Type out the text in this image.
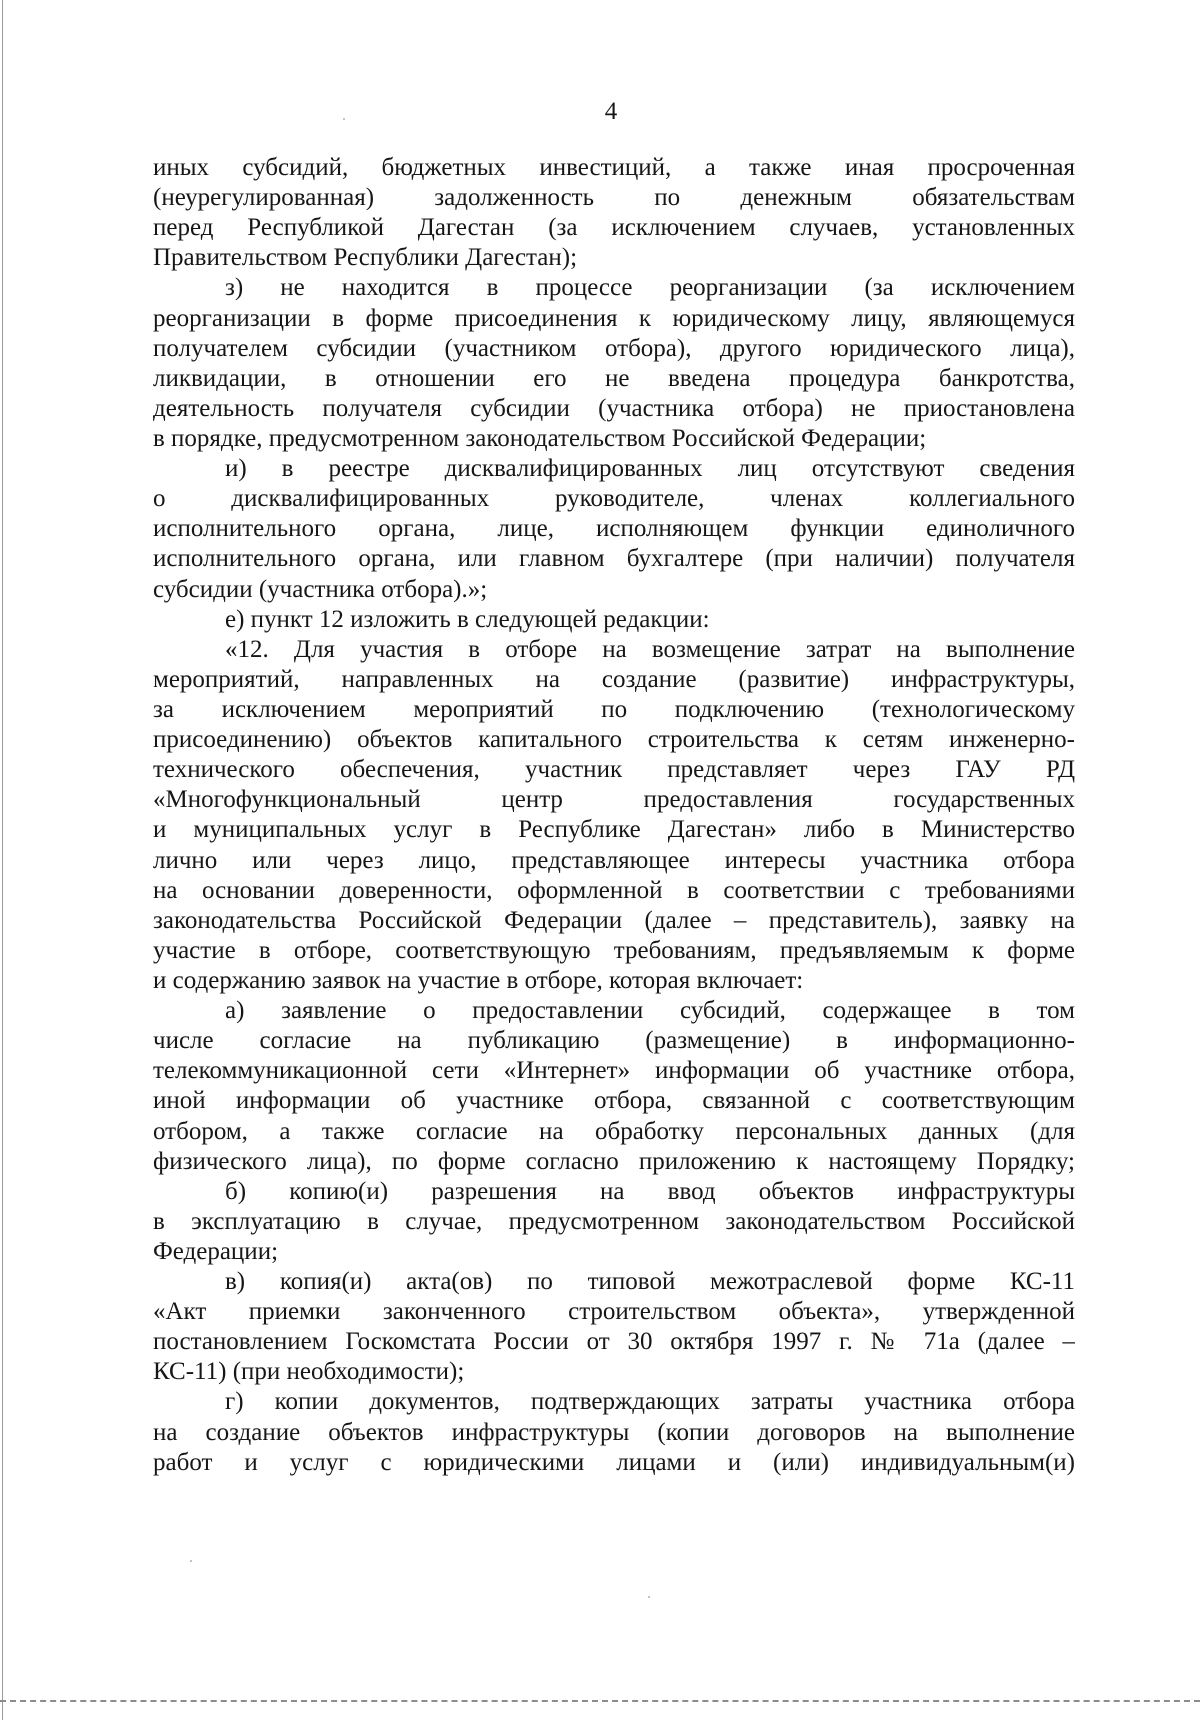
4
иных субсидий, бюджетных инвестиций, а также иная просроченная
(неурегулированная) задолженность по денежным обязательствам
перед Республикой Дагестан (за исключением случаев, установленных
Правительством Республики Дагестан);
з) не находится в процессе реорганизации (за исключением
реорганизации в форме присоединения к юридическому лицу, являющемуся
получателем субсидии (участником отбора), другого юридического лица),
ликвидации, в отношении его не введена процедура банкротства,
деятельность получателя субсидии (участника отбора) не приостановлена
в порядке, предусмотренном законодательством Российской Федерации;
и) в реестре дисквалифицированных лиц отсутствуют сведения
о дисквалифицированных руководителе, членах коллегиального
исполнительного органа, лице, исполняющем функции единоличного
исполнительного органа, или главном бухгалтере (при наличии) получателя
субсидии (участника отбора).»;
е) пункт 12 изложить в следующей редакции:
«12. Для участия в отборе на возмещение затрат на выполнение
мероприятий, направленных на создание (развитие) инфраструктуры,
за исключением мероприятий по подключению (технологическому
присоединению) объектов капитального строительства к сетям инженерно-
технического обеспечения, участник представляет через ГАУ РД
«Многофункциональный центр предоставления государственных
и муниципальных услуг в Республике Дагестан» либо в Министерство
лично или через лицо, представляющее интересы участника отбора
на основании доверенности, оформленной в соответствии с требованиями
законодательства Российской Федерации (далее – представитель), заявку на
участие в отборе, соответствующую требованиям, предъявляемым к форме
и содержанию заявок на участие в отборе, которая включает:
а) заявление о предоставлении субсидий, содержащее в том
числе согласие на публикацию (размещение) в информационно-
телекоммуникационной сети «Интернет» информации об участнике отбора,
иной информации об участнике отбора, связанной с соответствующим
отбором, а также согласие на обработку персональных данных (для
физического лица), по форме согласно приложению к настоящему Порядку;
б) копию(и) разрешения на ввод объектов инфраструктуры
в эксплуатацию в случае, предусмотренном законодательством Российской
Федерации;
в) копия(и) акта(ов) по типовой межотраслевой форме КС-11
«Акт приемки законченного строительством объекта», утвержденной
постановлением Госкомстата России от 30 октября 1997 г. № 71а (далее –
КС-11) (при необходимости);
г) копии документов, подтверждающих затраты участника отбора
на создание объектов инфраструктуры (копии договоров на выполнение
работ и услуг с юридическими лицами и (или) индивидуальным(и)
